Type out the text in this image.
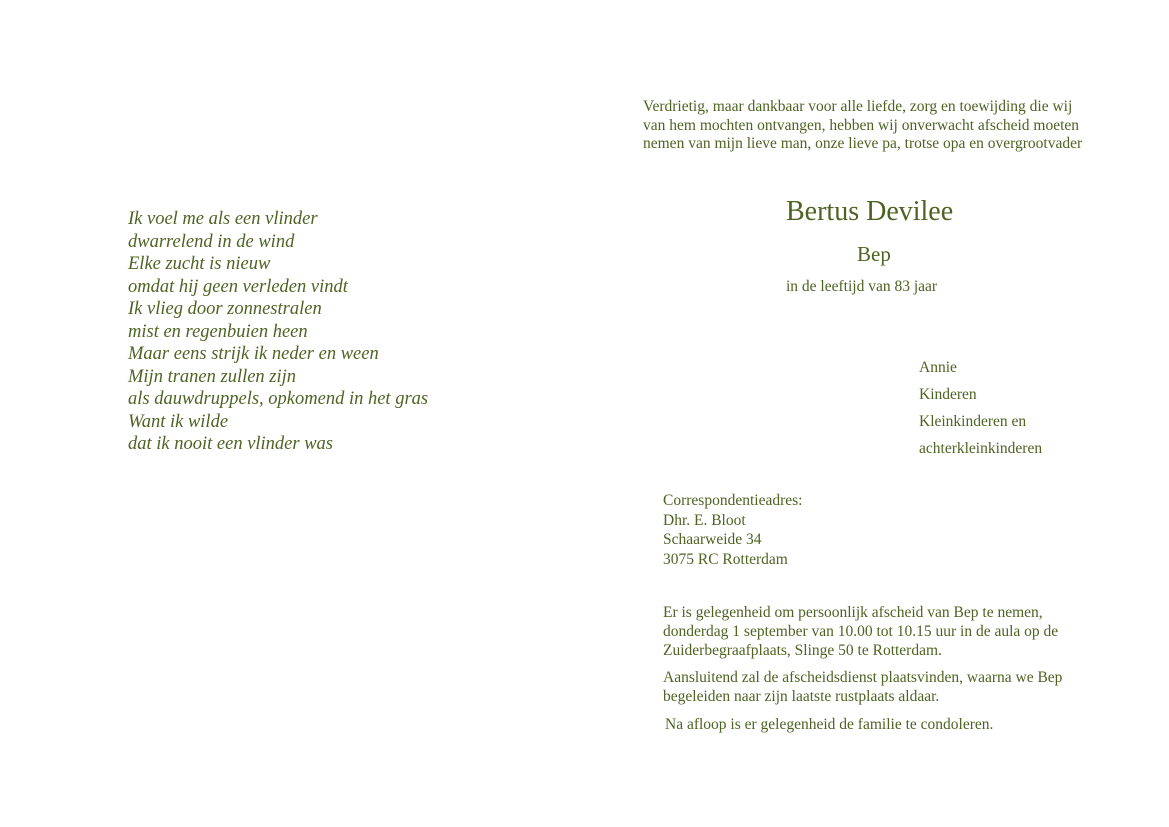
Ik voel me als een vlinder
dwarrelend in de wind
Elke zucht is nieuw
omdat hij geen verleden vindt
Ik vlieg door zonnestralen
mist en regenbuien heen
Maar eens strijk ik neder en ween
Mijn tranen zullen zijn
als dauwdruppels, opkomend in het gras
Want ik wilde
dat ik nooit een vlinder was
Verdrietig, maar dankbaar voor alle liefde, zorg en toewijding die wij
van hem mochten ontvangen, hebben wij onverwacht afscheid moeten
nemen van mijn lieve man, onze lieve pa, trotse opa en overgrootvader
Bertus Devilee
Bep
in de leeftijd van 83 jaar
Annie
Kinderen
Kleinkinderen en
achterkleinkinderen
Correspondentieadres:
Dhr. E. Bloot
Schaarweide 34
3075 RC Rotterdam
Er is gelegenheid om persoonlijk afscheid van Bep te nemen,
donderdag 1 september van 10.00 tot 10.15 uur in de aula op de
Zuiderbegraafplaats, Slinge 50 te Rotterdam.
Aansluitend zal de afscheidsdienst plaatsvinden, waarna we Bep
begeleiden naar zijn laatste rustplaats aldaar.
Na afloop is er gelegenheid de familie te condoleren.
